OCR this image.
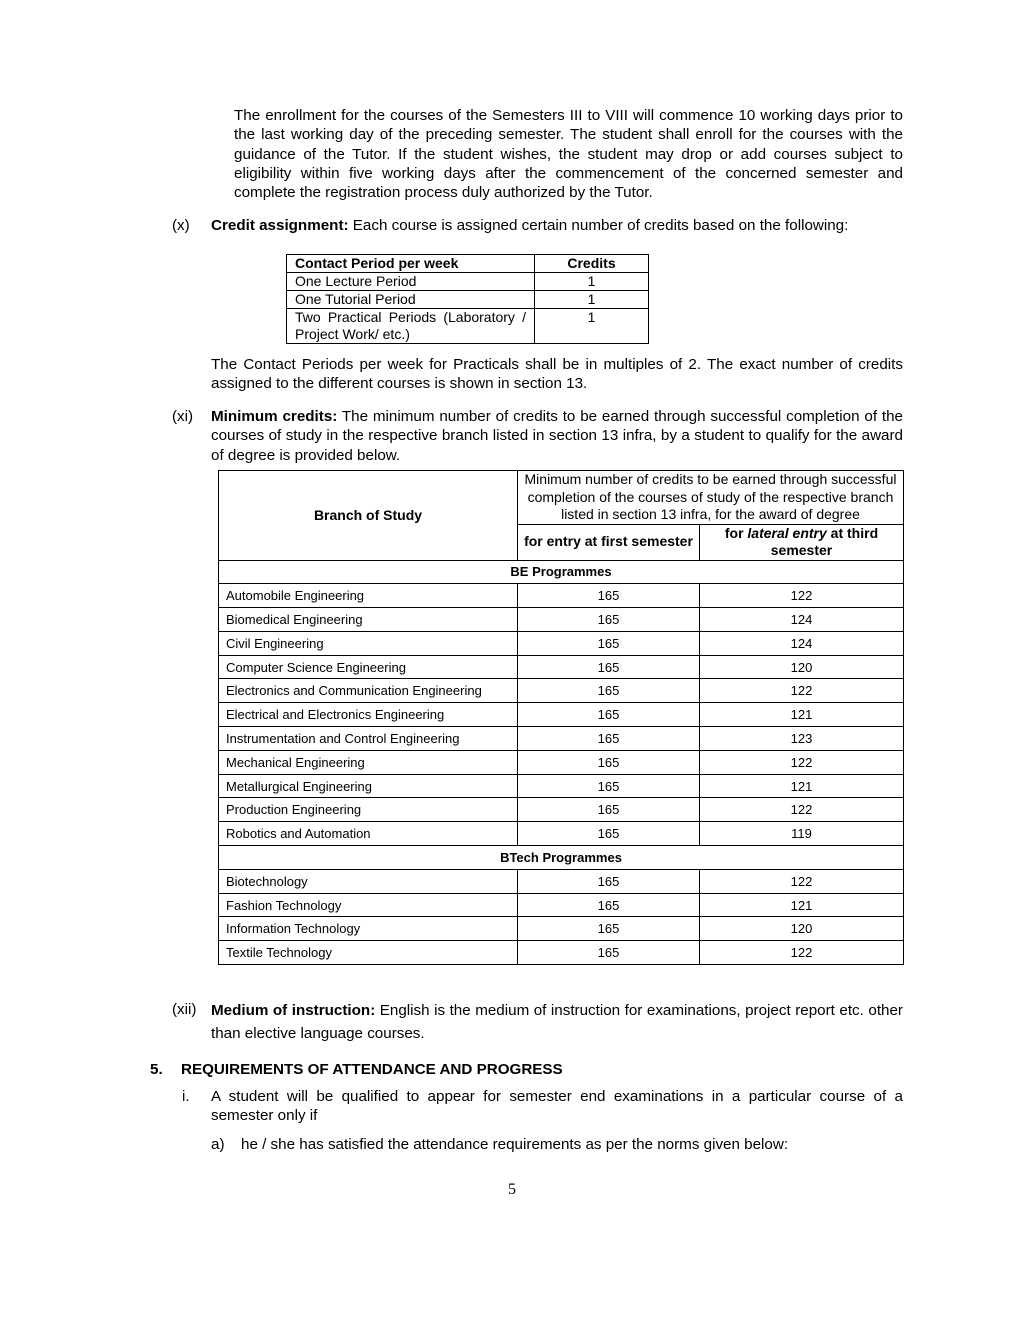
The enrollment for the courses of the Semesters III to VIII will commence 10 working days prior to the last working day of the preceding semester. The student shall enroll for the courses with the guidance of the Tutor. If the student wishes, the student may drop or add courses subject to eligibility within five working days after the commencement of the concerned semester and complete the registration process duly authorized by the Tutor.

(x) Credit assignment: Each course is assigned certain number of credits based on the following:

Contact Period per week	Credits
One Lecture Period	1
One Tutorial Period	1
Two Practical Periods (Laboratory / Project Work/ etc.)	1

The Contact Periods per week for Practicals shall be in multiples of 2. The exact number of credits assigned to the different courses is shown in section 13.

(xi) Minimum credits: The minimum number of credits to be earned through successful completion of the courses of study in the respective branch listed in section 13 infra, by a student to qualify for the award of degree is provided below.

Branch of Study	Minimum number of credits to be earned through successful completion of the courses of study of the respective branch listed in section 13 infra, for the award of degree	
	for entry at first semester	for lateral entry at third semester
BE Programmes		
Automobile Engineering	165	122
Biomedical Engineering	165	124
Civil Engineering	165	124
Computer Science Engineering	165	120
Electronics and Communication Engineering	165	122
Electrical and Electronics Engineering	165	121
Instrumentation and Control Engineering	165	123
Mechanical Engineering	165	122
Metallurgical Engineering	165	121
Production Engineering	165	122
Robotics and Automation	165	119
BTech Programmes		
Biotechnology	165	122
Fashion Technology	165	121
Information Technology	165	120
Textile Technology	165	122
(xii) Medium of instruction: English is the medium of instruction for examinations, project report etc. other than elective language courses.

5. REQUIREMENTS OF ATTENDANCE AND PROGRESS
i. A student will be qualified to appear for semester end examinations in a particular course of a semester only if

a) he / she has satisfied the attendance requirements as per the norms given below:

5
